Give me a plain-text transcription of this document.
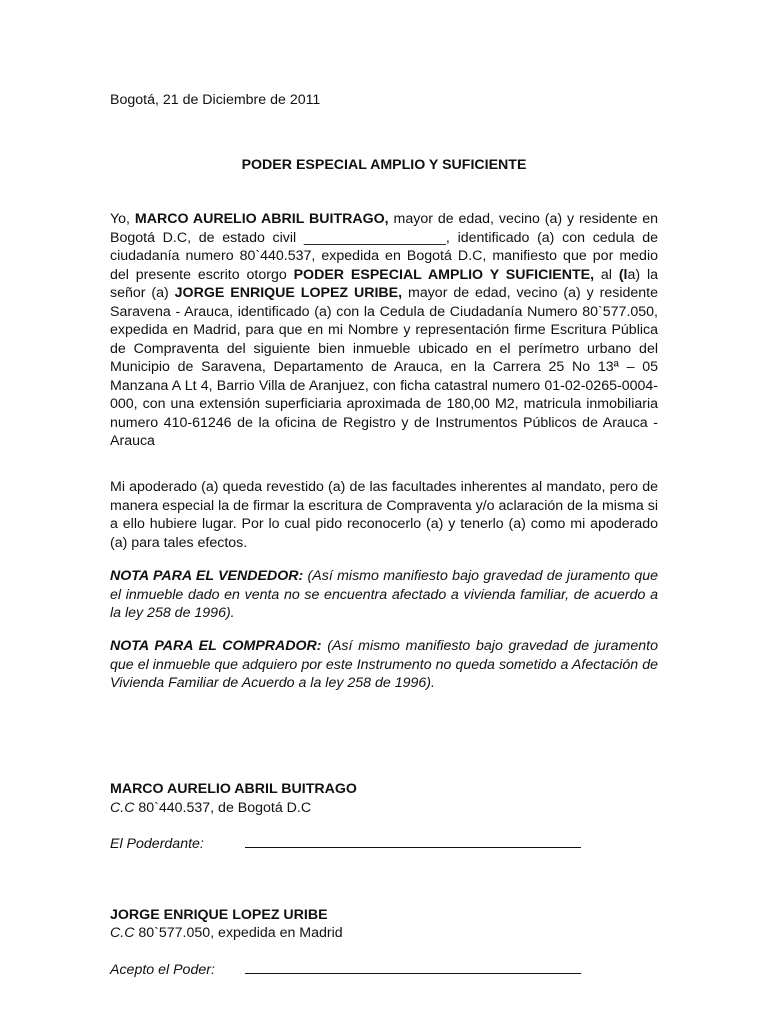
Bogotá, 21 de Diciembre de 2011
PODER ESPECIAL AMPLIO Y SUFICIENTE
Yo, MARCO AURELIO ABRIL BUITRAGO, mayor de edad, vecino (a) y residente en Bogotá D.C, de estado civil __________________, identificado (a) con cedula de ciudadanía numero 80`440.537, expedida en Bogotá D.C, manifiesto que por medio del presente escrito otorgo PODER ESPECIAL AMPLIO Y SUFICIENTE, al (la) la señor (a) JORGE ENRIQUE LOPEZ URIBE, mayor de edad, vecino (a) y residente Saravena - Arauca, identificado (a) con la Cedula de Ciudadanía Numero 80`577.050, expedida en Madrid, para que en mi Nombre y representación firme Escritura Pública de Compraventa del siguiente bien inmueble ubicado en el perímetro urbano del Municipio de Saravena, Departamento de Arauca, en la Carrera 25 No 13ª – 05 Manzana A Lt 4, Barrio Villa de Aranjuez, con ficha catastral numero 01-02-0265-0004-000, con una extensión superficiaria aproximada de 180,00 M2, matricula inmobiliaria numero 410-61246 de la oficina de Registro y de Instrumentos Públicos de Arauca - Arauca
Mi apoderado (a) queda revestido (a) de las facultades inherentes al mandato, pero de manera especial la de firmar la escritura de Compraventa y/o aclaración de la misma si a ello hubiere lugar. Por lo cual pido reconocerlo (a) y tenerlo (a) como mi apoderado (a) para tales efectos.
NOTA PARA EL VENDEDOR: (Así mismo manifiesto bajo gravedad de juramento que el inmueble dado en venta no se encuentra afectado a vivienda familiar, de acuerdo a la ley 258 de 1996).
NOTA PARA EL COMPRADOR: (Así mismo manifiesto bajo gravedad de juramento que el inmueble que adquiero por este Instrumento no queda sometido a Afectación de Vivienda Familiar de Acuerdo a la ley 258 de 1996).
MARCO AURELIO ABRIL BUITRAGO
C.C 80`440.537, de Bogotá D.C
El Poderdante:
JORGE ENRIQUE LOPEZ URIBE
C.C 80`577.050, expedida en Madrid
Acepto el Poder:
